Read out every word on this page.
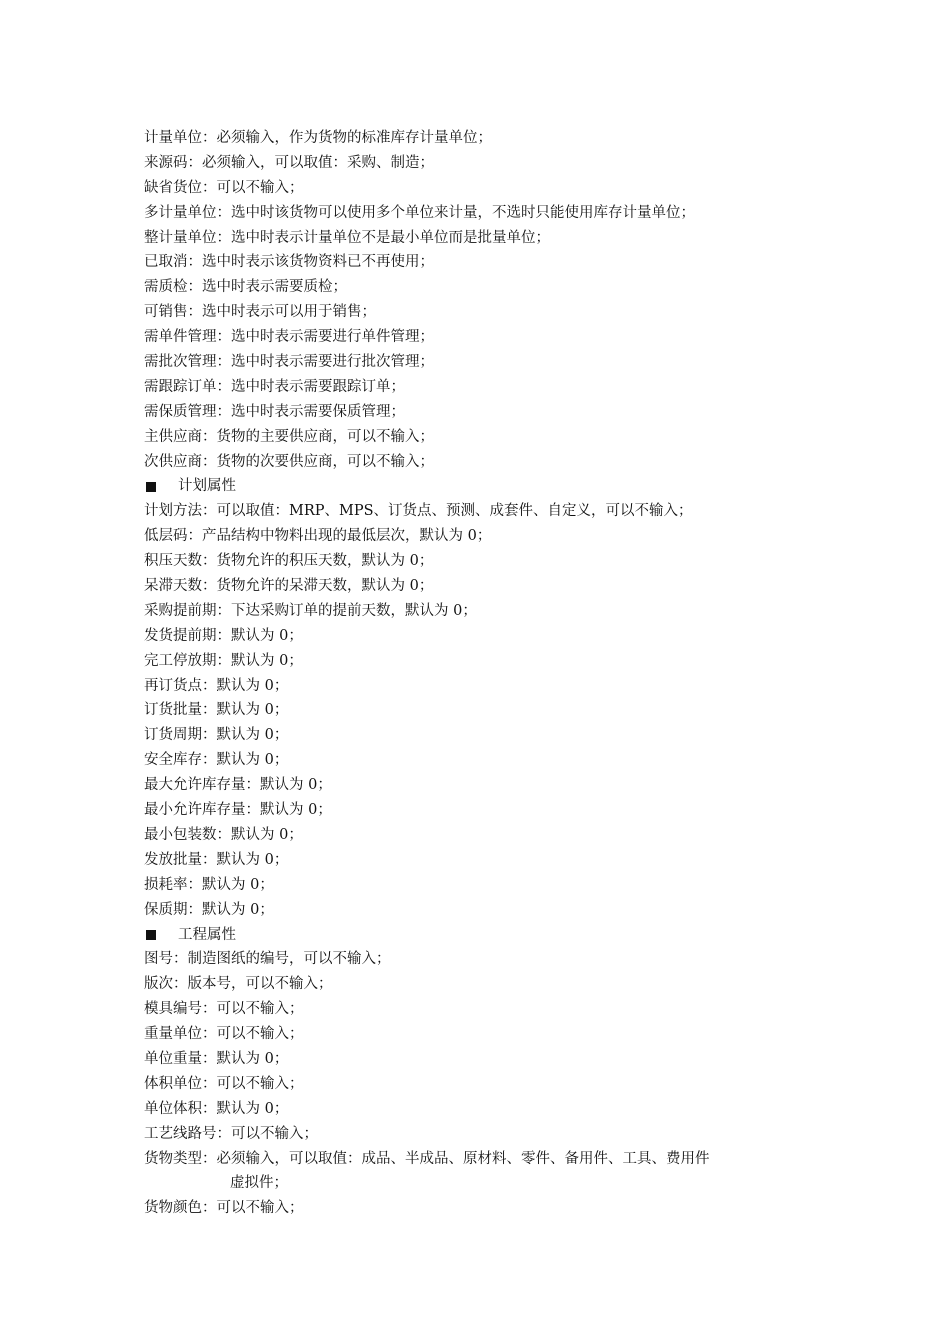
计量单位：必须输入，作为货物的标准库存计量单位；
来源码：必须输入，可以取值：采购、制造；
缺省货位：可以不输入；
多计量单位：选中时该货物可以使用多个单位来计量，不选时只能使用库存计量单位；
整计量单位：选中时表示计量单位不是最小单位而是批量单位；
已取消：选中时表示该货物资料已不再使用；
需质检：选中时表示需要质检；
可销售：选中时表示可以用于销售；
需单件管理：选中时表示需要进行单件管理；
需批次管理：选中时表示需要进行批次管理；
需跟踪订单：选中时表示需要跟踪订单；
需保质管理：选中时表示需要保质管理；
主供应商：货物的主要供应商，可以不输入；
次供应商：货物的次要供应商，可以不输入；
计划属性
计划方法：可以取值：MRP、MPS、订货点、预测、成套件、自定义，可以不输入；
低层码：产品结构中物料出现的最低层次，默认为 0；
积压天数：货物允许的积压天数，默认为 0；
呆滞天数：货物允许的呆滞天数，默认为 0；
采购提前期：下达采购订单的提前天数，默认为 0；
发货提前期：默认为 0；
完工停放期：默认为 0；
再订货点：默认为 0；
订货批量：默认为 0；
订货周期：默认为 0；
安全库存：默认为 0；
最大允许库存量：默认为 0；
最小允许库存量：默认为 0；
最小包装数：默认为 0；
发放批量：默认为 0；
损耗率：默认为 0；
保质期：默认为 0；
工程属性
图号：制造图纸的编号，可以不输入；
版次：版本号，可以不输入；
模具编号：可以不输入；
重量单位：可以不输入；
单位重量：默认为 0；
体积单位：可以不输入；
单位体积：默认为 0；
工艺线路号：可以不输入；
货物类型：必须输入，可以取值：成品、半成品、原材料、零件、备用件、工具、费用件
虚拟件；
货物颜色：可以不输入；
